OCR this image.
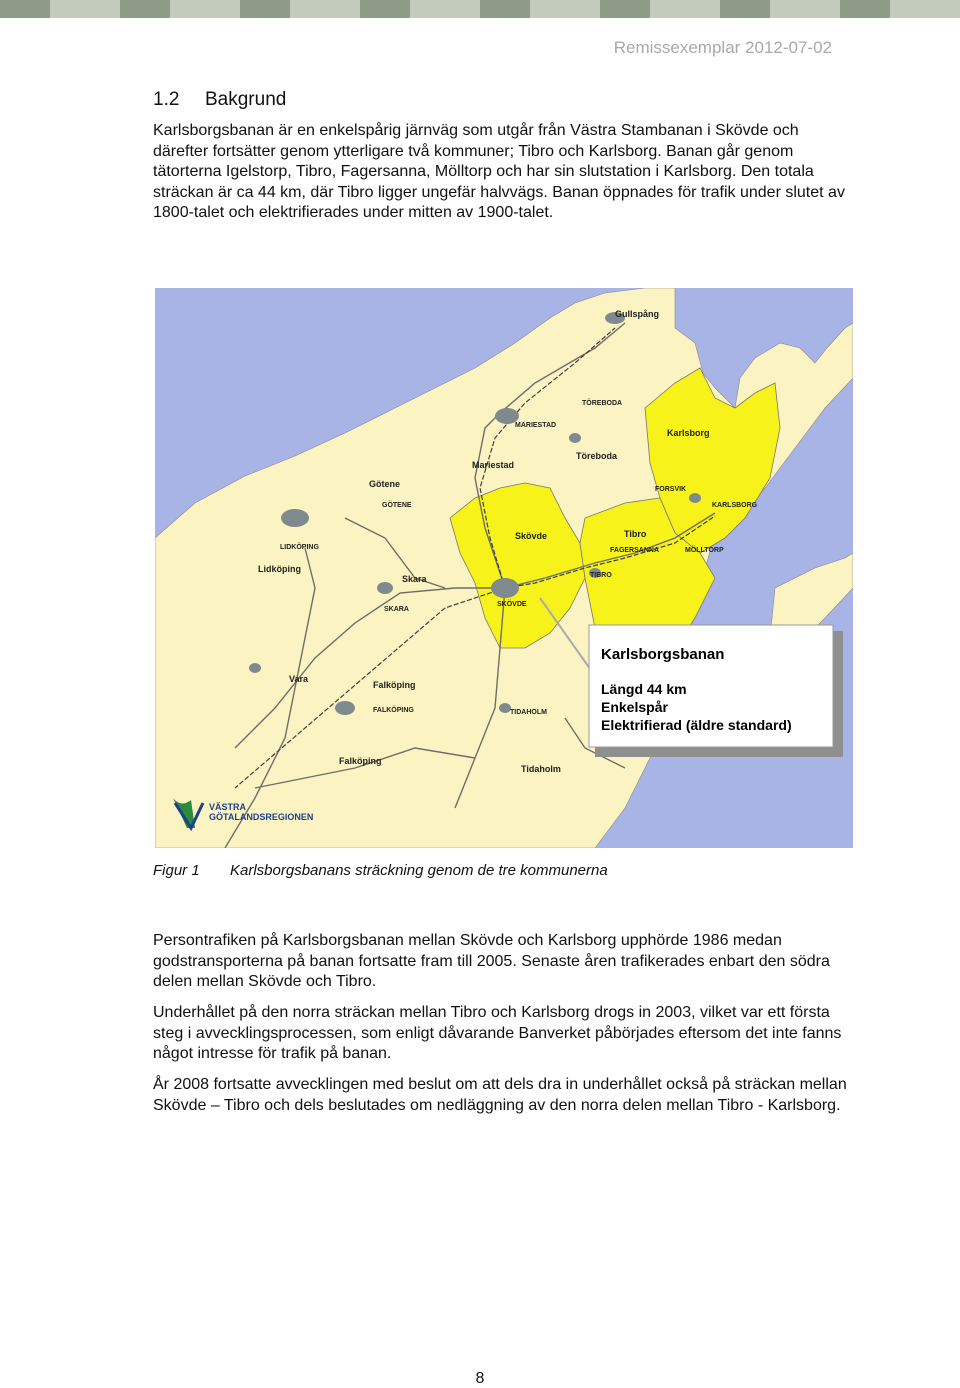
Remissexemplar 2012-07-02
1.2 Bakgrund

Karlsborgsbanan är en enkelspårig järnväg som utgår från Västra Stambanan i Skövde och därefter fortsätter genom ytterligare två kommuner; Tibro och Karlsborg. Banan går genom tätorterna Igelstorp, Tibro, Fagersanna, Mölltorp och har sin slutstation i Karlsborg. Den totala sträckan är ca 44 km, där Tibro ligger ungefär halvvägs. Banan öppnades för trafik under slutet av 1800-talet och elektrifierades under mitten av 1900-talet.

Gullspång
TÖREBODA
MARIESTAD
Karlsborg
Mariestad
Töreboda
Götene
GÖTENE
FORSVIK
KARLSBORG
Skövde	Tibro
LIDKÖPING	FAGERSANNA	MÖLLTORP
Lidköping
Skara	TIBRO
SKÖVDE
SKARA
Vara
Falköping
FALKÖPING	TIDAHOLM
Falköping
Tidaholm
Karlsborgsbanan
Längd 44 km
Enkelspår
Elektrifierad (äldre standard)
VÄSTRA
GÖTALANDSREGIONEN
Figur 1 Karlsborgsbanans sträckning genom de tre kommunerna

Persontrafiken på Karlsborgsbanan mellan Skövde och Karlsborg upphörde 1986 medan godstransporterna på banan fortsatte fram till 2005. Senaste åren trafikerades enbart den södra delen mellan Skövde och Tibro.

Underhållet på den norra sträckan mellan Tibro och Karlsborg drogs in 2003, vilket var ett första steg i avvecklingsprocessen, som enligt dåvarande Banverket påbörjades eftersom det inte fanns något intresse för trafik på banan.

År 2008 fortsatte avvecklingen med beslut om att dels dra in underhållet också på sträckan mellan Skövde – Tibro och dels beslutades om nedläggning av den norra delen mellan Tibro - Karlsborg.

8
